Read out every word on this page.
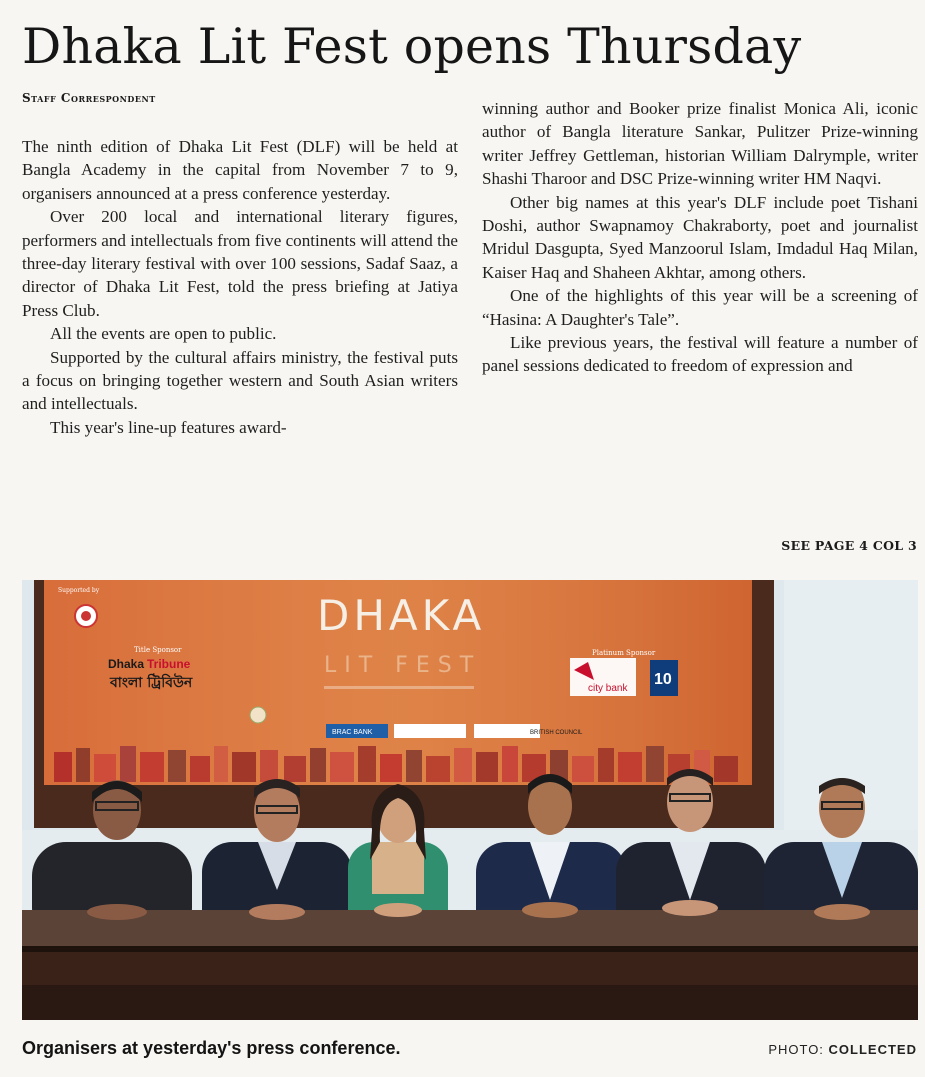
Dhaka Lit Fest opens Thursday
Staff Correspondent

The ninth edition of Dhaka Lit Fest (DLF) will be held at Bangla Academy in the capital from November 7 to 9, organisers announced at a press conference yesterday.

Over 200 local and international literary figures, performers and intellectuals from five continents will attend the three-day literary festival with over 100 sessions, Sadaf Saaz, a director of Dhaka Lit Fest, told the press briefing at Jatiya Press Club.

All the events are open to public.

Supported by the cultural affairs ministry, the festival puts a focus on bringing together western and South Asian writers and intellectuals.

This year's line-up features award-

winning author and Booker prize finalist Monica Ali, iconic author of Bangla literature Sankar, Pulitzer Prize-winning writer Jeffrey Gettleman, historian William Dalrymple, writer Shashi Tharoor and DSC Prize-winning writer HM Naqvi.

Other big names at this year's DLF include poet Tishani Doshi, author Swapnamoy Chakraborty, poet and journalist Mridul Dasgupta, Syed Manzoorul Islam, Imdadul Haq Milan, Kaiser Haq and Shaheen Akhtar, among others.

One of the highlights of this year will be a screening of “Hasina: A Daughter's Tale”.

Like previous years, the festival will feature a number of panel sessions dedicated to freedom of expression and

SEE PAGE 4 COL 3
Supported by
Title Sponsor
Dhaka Tribune
বাংলা ট্রিবিউন
DHAKA
LIT FEST	Platinum Sponsor
city bank
10
BRAC BANK	BRITISH COUNCIL
Organisers at yesterday's press conference.	PHOTO: COLLECTED
